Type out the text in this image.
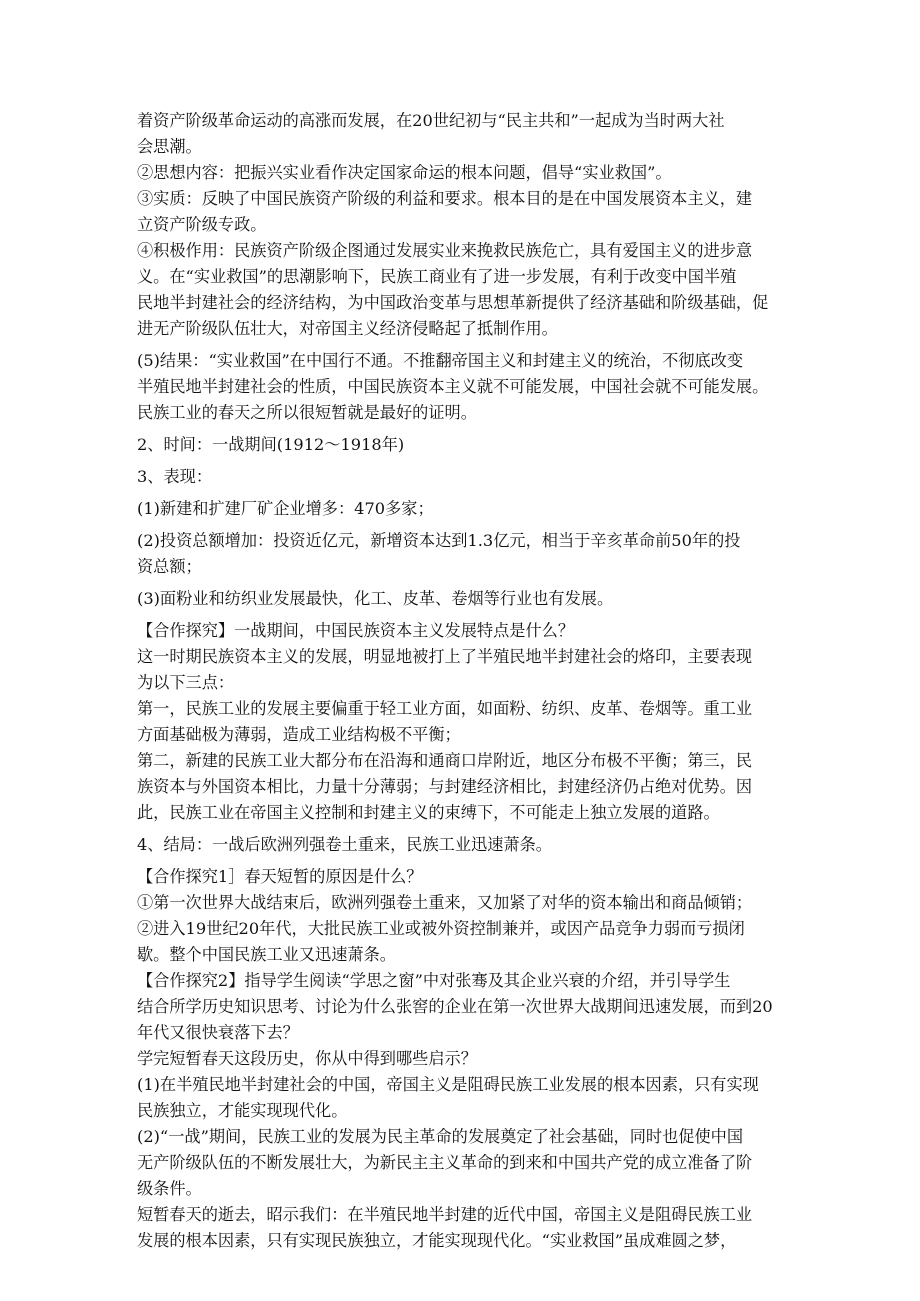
着资产阶级革命运动的高涨而发展，在20世纪初与“民主共和”一起成为当时两大社
会思潮。
②思想内容：把振兴实业看作决定国家命运的根本问题，倡导“实业救国”。
③实质：反映了中国民族资产阶级的利益和要求。根本目的是在中国发展资本主义，建
立资产阶级专政。
④积极作用：民族资产阶级企图通过发展实业来挽救民族危亡，具有爱国主义的进步意
义。在“实业救国”的思潮影响下，民族工商业有了进一步发展，有利于改变中国半殖
民地半封建社会的经济结构，为中国政治变革与思想革新提供了经济基础和阶级基础，促
进无产阶级队伍壮大，对帝国主义经济侵略起了抵制作用。
(5)结果：“实业救国”在中国行不通。不推翻帝国主义和封建主义的统治，不彻底改变
半殖民地半封建社会的性质，中国民族资本主义就不可能发展，中国社会就不可能发展。
民族工业的春天之所以很短暂就是最好的证明。
2、时间：一战期间(1912～1918年)
3、表现：
(1)新建和扩建厂矿企业增多：470多家；
(2)投资总额增加：投资近亿元，新增资本达到1.3亿元，相当于辛亥革命前50年的投
资总额；
(3)面粉业和纺织业发展最快，化工、皮革、卷烟等行业也有发展。
【合作探究】一战期间，中国民族资本主义发展特点是什么？
这一时期民族资本主义的发展，明显地被打上了半殖民地半封建社会的烙印，主要表现
为以下三点：
第一，民族工业的发展主要偏重于轻工业方面，如面粉、纺织、皮革、卷烟等。重工业
方面基础极为薄弱，造成工业结构极不平衡；
第二，新建的民族工业大都分布在沿海和通商口岸附近，地区分布极不平衡；第三，民
族资本与外国资本相比，力量十分薄弱；与封建经济相比，封建经济仍占绝对优势。因
此，民族工业在帝国主义控制和封建主义的束缚下，不可能走上独立发展的道路。
4、结局：一战后欧洲列强卷土重来，民族工业迅速萧条。
【合作探究1］春天短暂的原因是什么？
①第一次世界大战结束后，欧洲列强卷土重来，又加紧了对华的资本输出和商品倾销；
②进入19世纪20年代，大批民族工业或被外资控制兼并，或因产品竞争力弱而亏损闭
歇。整个中国民族工业又迅速萧条。
【合作探究2】指导学生阅读“学思之窗”中对张骞及其企业兴衰的介绍，并引导学生
结合所学历史知识思考、讨论为什么张窖的企业在第一次世界大战期间迅速发展，而到20
年代又很快衰落下去？
学完短暂春天这段历史，你从中得到哪些启示？
(1)在半殖民地半封建社会的中国，帝国主义是阻碍民族工业发展的根本因素，只有实现
民族独立，才能实现现代化。
(2)“一战”期间，民族工业的发展为民主革命的发展奠定了社会基础，同时也促使中国
无产阶级队伍的不断发展壮大，为新民主主义革命的到来和中国共产党的成立准备了阶
级条件。
短暂春天的逝去，昭示我们：在半殖民地半封建的近代中国，帝国主义是阻碍民族工业
发展的根本因素，只有实现民族独立，才能实现现代化。“实业救国”虽成难圆之梦，
